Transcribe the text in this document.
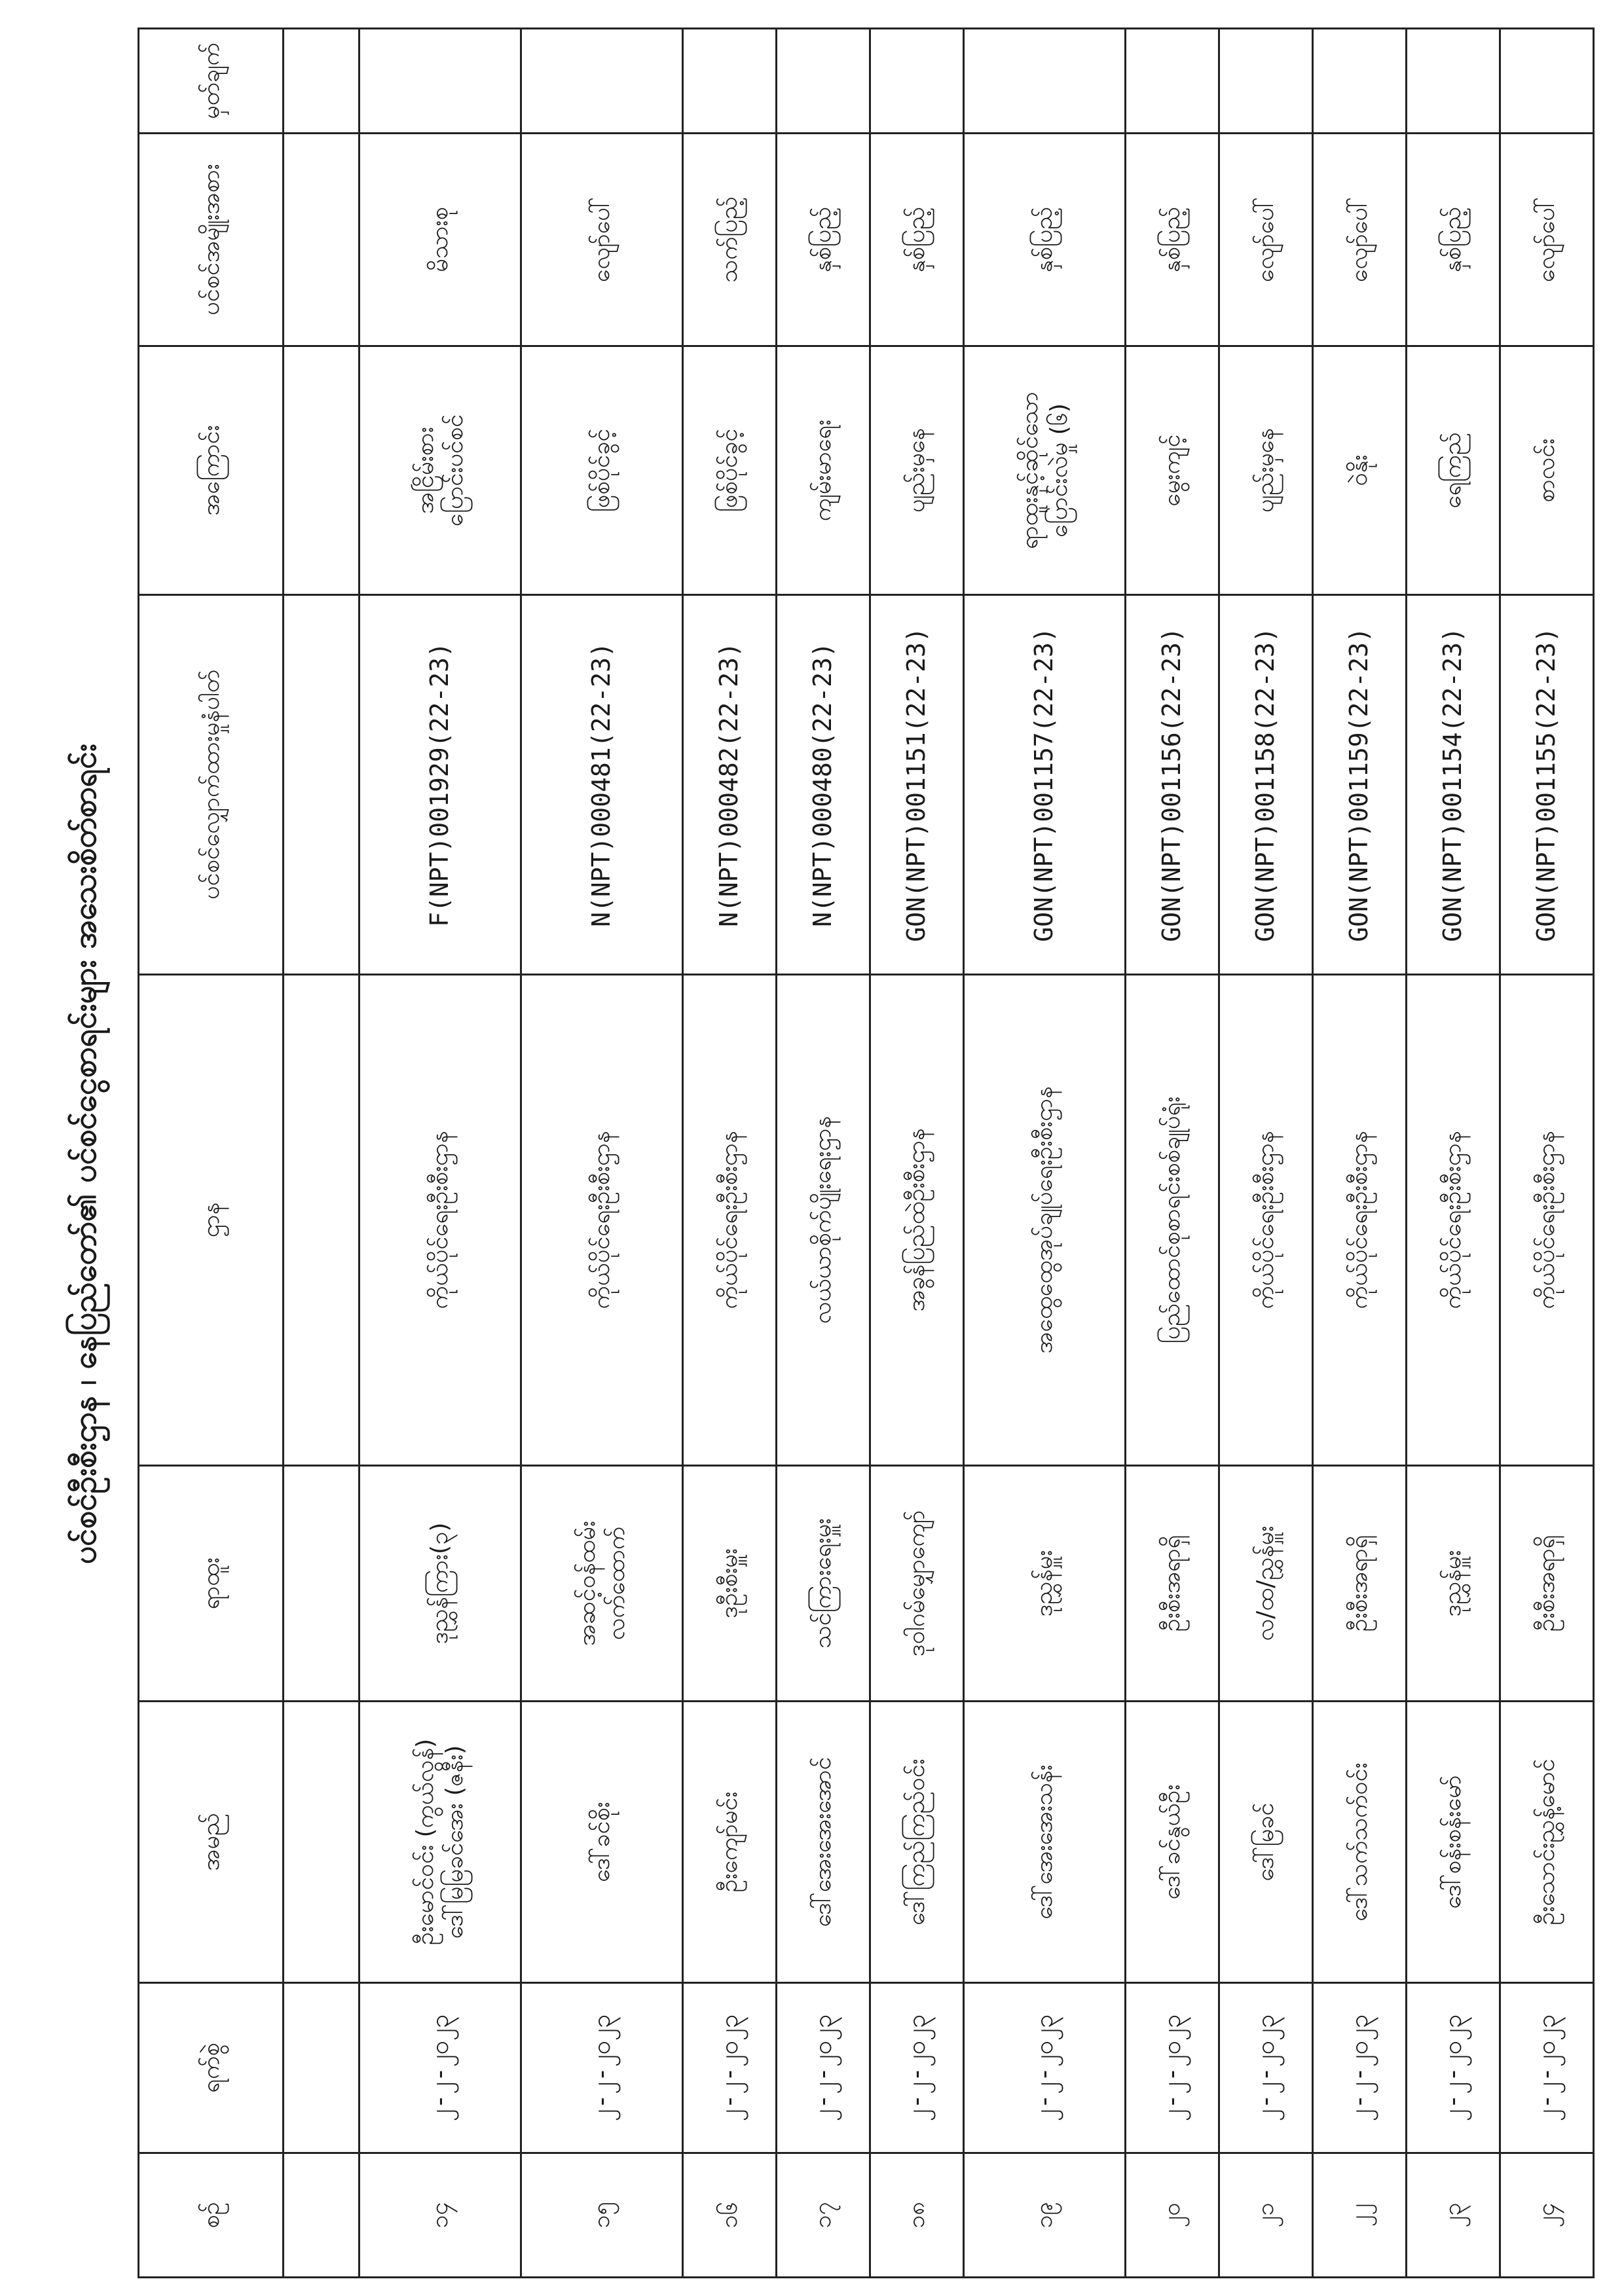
ပင်စင်ဦးစီးဌာန ၊ နေပြည်တော်၏ ပင်စင်ငွေစာရင်းများ အသေးစိတ်စာရင်း
စဉ်	ရက်စွဲ	အမည်	ရာထူး	ဌာန	ပင်စင်လျှောက်ထားမှုနံပါတ်	အကြောင်း	ပင်စင်အမျိုးအစား	မှတ်ချက်

၁၄	၂-၂-၂၀၂၃	ဦးမောင်ဝင်း (ကွယ်လွန်) ဒေါ်မြမြခင်အေး (ဇနီး)	ဒုညွှန်ကြား(၃)	ကိုယ်ပိုင်ရေးဦးစီးဌာန	F(NPT)001929(22-23)	အငြိမ်းစား ပြောင်းပင်စင်	မိသားစု	

၁၅	၂-၂-၂၀၂၃	ဒေါ်ခင်စိုး	အဆင့်ဝန်ထမ်း လက်ထောက်	ကိုယ်ပိုင်ရေးဦးစီးဌာန	N(NPT)000481(22-23)	ဖြစ်ပိုင်ခွင့်	လျော်ပေါ်	

၁၆	၂-၂-၂၀၂၃	ဦးကျော်မင်း	ဒုဦးစီးမှူး	ကိုယ်ပိုင်ရေးဦးစီးဌာန	N(NPT)000482(22-23)	ဖြစ်ပိုင်ခွင့်	သက်ပြည့်	

၁၇	၂-၂-၂၀၂၃	ဒေါ်အေးအေးအောင်	သင်ကြားရေးမှူး	လယ်ယာစိုက်ပျိုးရေးဌာန	N(NPT)000480(22-23)	ကျမ်းမာရေး	နှစ်ပြည့်	

၁၈	၂-၂-၂၀၂၃	ဒေါ်ကြည်ကြည်ဝင်း	ဒုဝါဂမ်မျှောကျော်	အခွန်ပြည်ထဲဦးစီးဌာန	GON(NPT)001151(22-23)	ပျည်းမှနေ	နှစ်ပြည့်	

၁၉	၂-၂-၂၀၂၃	ဒေါ်အေးအေးသန်း	ဒုညွှန်မှူး	အထွေထွေအုပ်ချုပ်ရေးဦးစီးဌာန	GON(NPT)001157(22-23)	ရာထူးနှင့်ဆိုင်သော ပြောင်းလဲမှု (၆)	နှစ်ပြည့်	

၂၀	၂-၂-၂၀၂၃	ဒေါ်ခင်နွယ်ဦး	ဦးစီးအရာရှိ	ပြည်ထောင်စုစာရင်းစစ်ချုပ်ရုံး	GON(NPT)001156(22-23)	မွေးကျင့်	နှစ်ပြည့်	

၂၁	၂-၂-၂၀၂၃	ဒေါ်မြခင်	လ/ထ/ညွှန်မှူး	ကိုယ်ပိုင်ရေးဦးစီးဌာန	GON(NPT)001158(22-23)	ပျည်းမှနေ	လျော်ပေါ်	

၂၂	၂-၂-၂၀၂၃	ဒေါ်သက်သက်ဝင်း	ဦးစီးအရာရှိ	ကိုယ်ပိုင်ရေးဦးစီးဌာန	GON(NPT)001159(22-23)	ဝဲနိုး	လျော်ပေါ်	

၂၃	၂-၂-၂၀၂၃	ဒေါ်စန်းစန်းမော်	ဒုညွှန်မှူး	ကိုယ်ပိုင်ရေးဦးစီးဌာန	GON(NPT)001154(22-23)	ရေကြည်	နှစ်ပြည့်	

၂၄	၂-၂-၂၀၂၃	ဦးသောင်းညွှန့်မောင်	ဦးစီးအရာရှိ	ကိုယ်ပိုင်ရေးဦးစီးဌာန	GON(NPT)001155(22-23)	စာလင်း	လျော်ပေါ်	
